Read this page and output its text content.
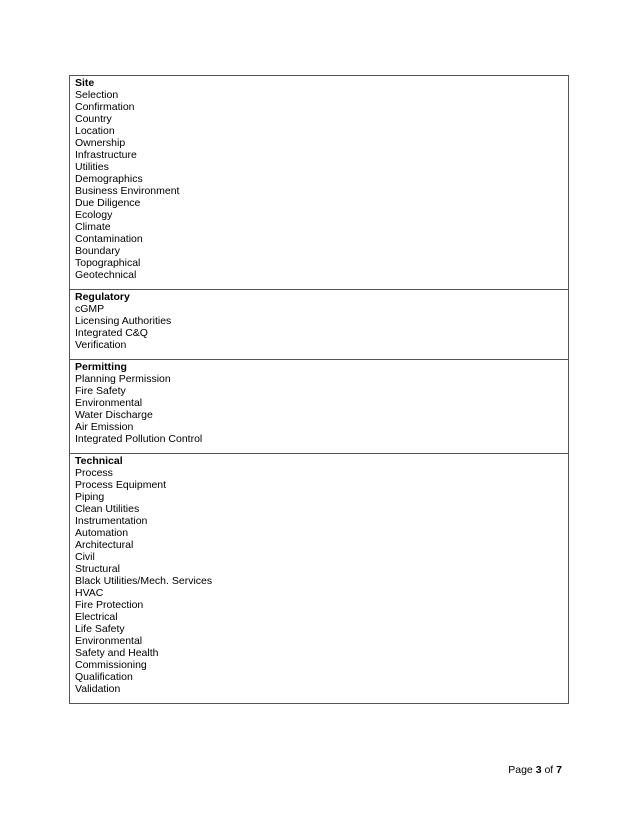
Site
Selection
Confirmation
Country
Location
Ownership
Infrastructure
Utilities
Demographics
Business Environment
Due Diligence
Ecology
Climate
Contamination
Boundary
Topographical
Geotechnical

Regulatory
cGMP
Licensing Authorities
Integrated C&Q
Verification

Permitting
Planning Permission
Fire Safety
Environmental
Water Discharge
Air Emission
Integrated Pollution Control

Technical
Process
Process Equipment
Piping
Clean Utilities
Instrumentation
Automation
Architectural
Civil
Structural
Black Utilities/Mech. Services
HVAC
Fire Protection
Electrical
Life Safety
Environmental
Safety and Health
Commissioning
Qualification
Validation
Page 3 of 7
